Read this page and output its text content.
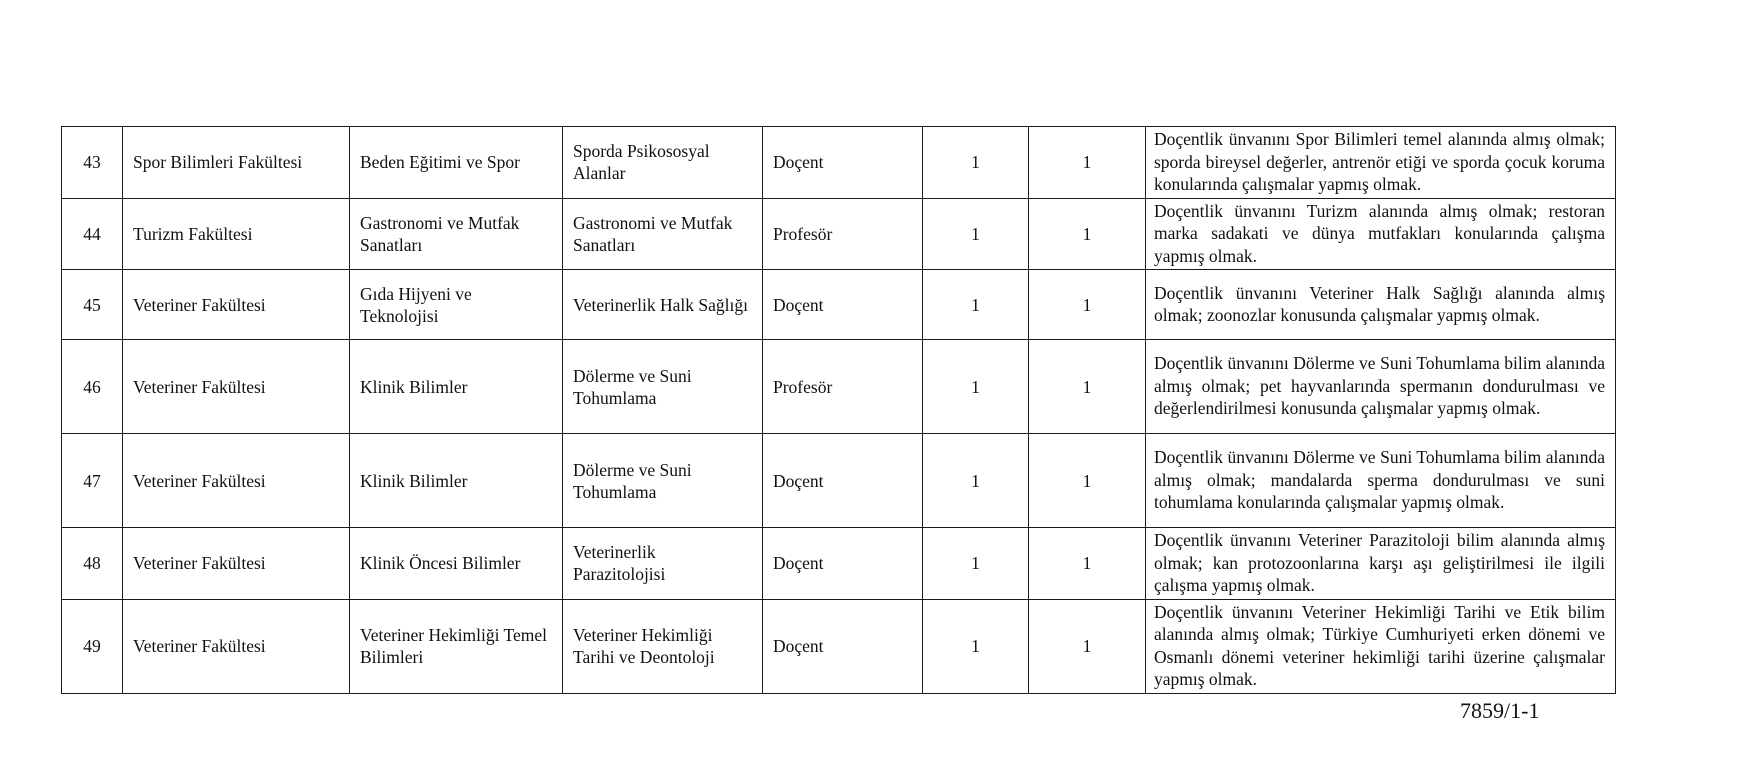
43	Spor Bilimleri Fakültesi	Beden Eğitimi ve Spor	Sporda Psikososyal Alanlar	Doçent	1	1	Doçentlik ünvanını Spor Bilimleri temel alanında almış olmak; sporda bireysel değerler, antrenör etiği ve sporda çocuk koruma konularında çalışmalar yapmış olmak.
44	Turizm Fakültesi	Gastronomi ve Mutfak Sanatları	Gastronomi ve Mutfak Sanatları	Profesör	1	1	Doçentlik ünvanını Turizm alanında almış olmak; restoran marka sadakati ve dünya mutfakları konularında çalışma yapmış olmak.
45	Veteriner Fakültesi	Gıda Hijyeni ve Teknolojisi	Veterinerlik Halk Sağlığı	Doçent	1	1	Doçentlik ünvanını Veteriner Halk Sağlığı alanında almış olmak; zoonozlar konusunda çalışmalar yapmış olmak.
46	Veteriner Fakültesi	Klinik Bilimler	Dölerme ve Suni Tohumlama	Profesör	1	1	Doçentlik ünvanını Dölerme ve Suni Tohumlama bilim alanında almış olmak; pet hayvanlarında spermanın dondurulması ve değerlendirilmesi konusunda çalışmalar yapmış olmak.
47	Veteriner Fakültesi	Klinik Bilimler	Dölerme ve Suni Tohumlama	Doçent	1	1	Doçentlik ünvanını Dölerme ve Suni Tohumlama bilim alanında almış olmak; mandalarda sperma dondurulması ve suni tohumlama konularında çalışmalar yapmış olmak.
48	Veteriner Fakültesi	Klinik Öncesi Bilimler	Veterinerlik Parazitolojisi	Doçent	1	1	Doçentlik ünvanını Veteriner Parazitoloji bilim alanında almış olmak; kan protozoonlarına karşı aşı geliştirilmesi ile ilgili çalışma yapmış olmak.
49	Veteriner Fakültesi	Veteriner Hekimliği Temel Bilimleri	Veteriner Hekimliği Tarihi ve Deontoloji	Doçent	1	1	Doçentlik ünvanını Veteriner Hekimliği Tarihi ve Etik bilim alanında almış olmak; Türkiye Cumhuriyeti erken dönemi ve Osmanlı dönemi veteriner hekimliği tarihi üzerine çalışmalar yapmış olmak.
7859/1-1
